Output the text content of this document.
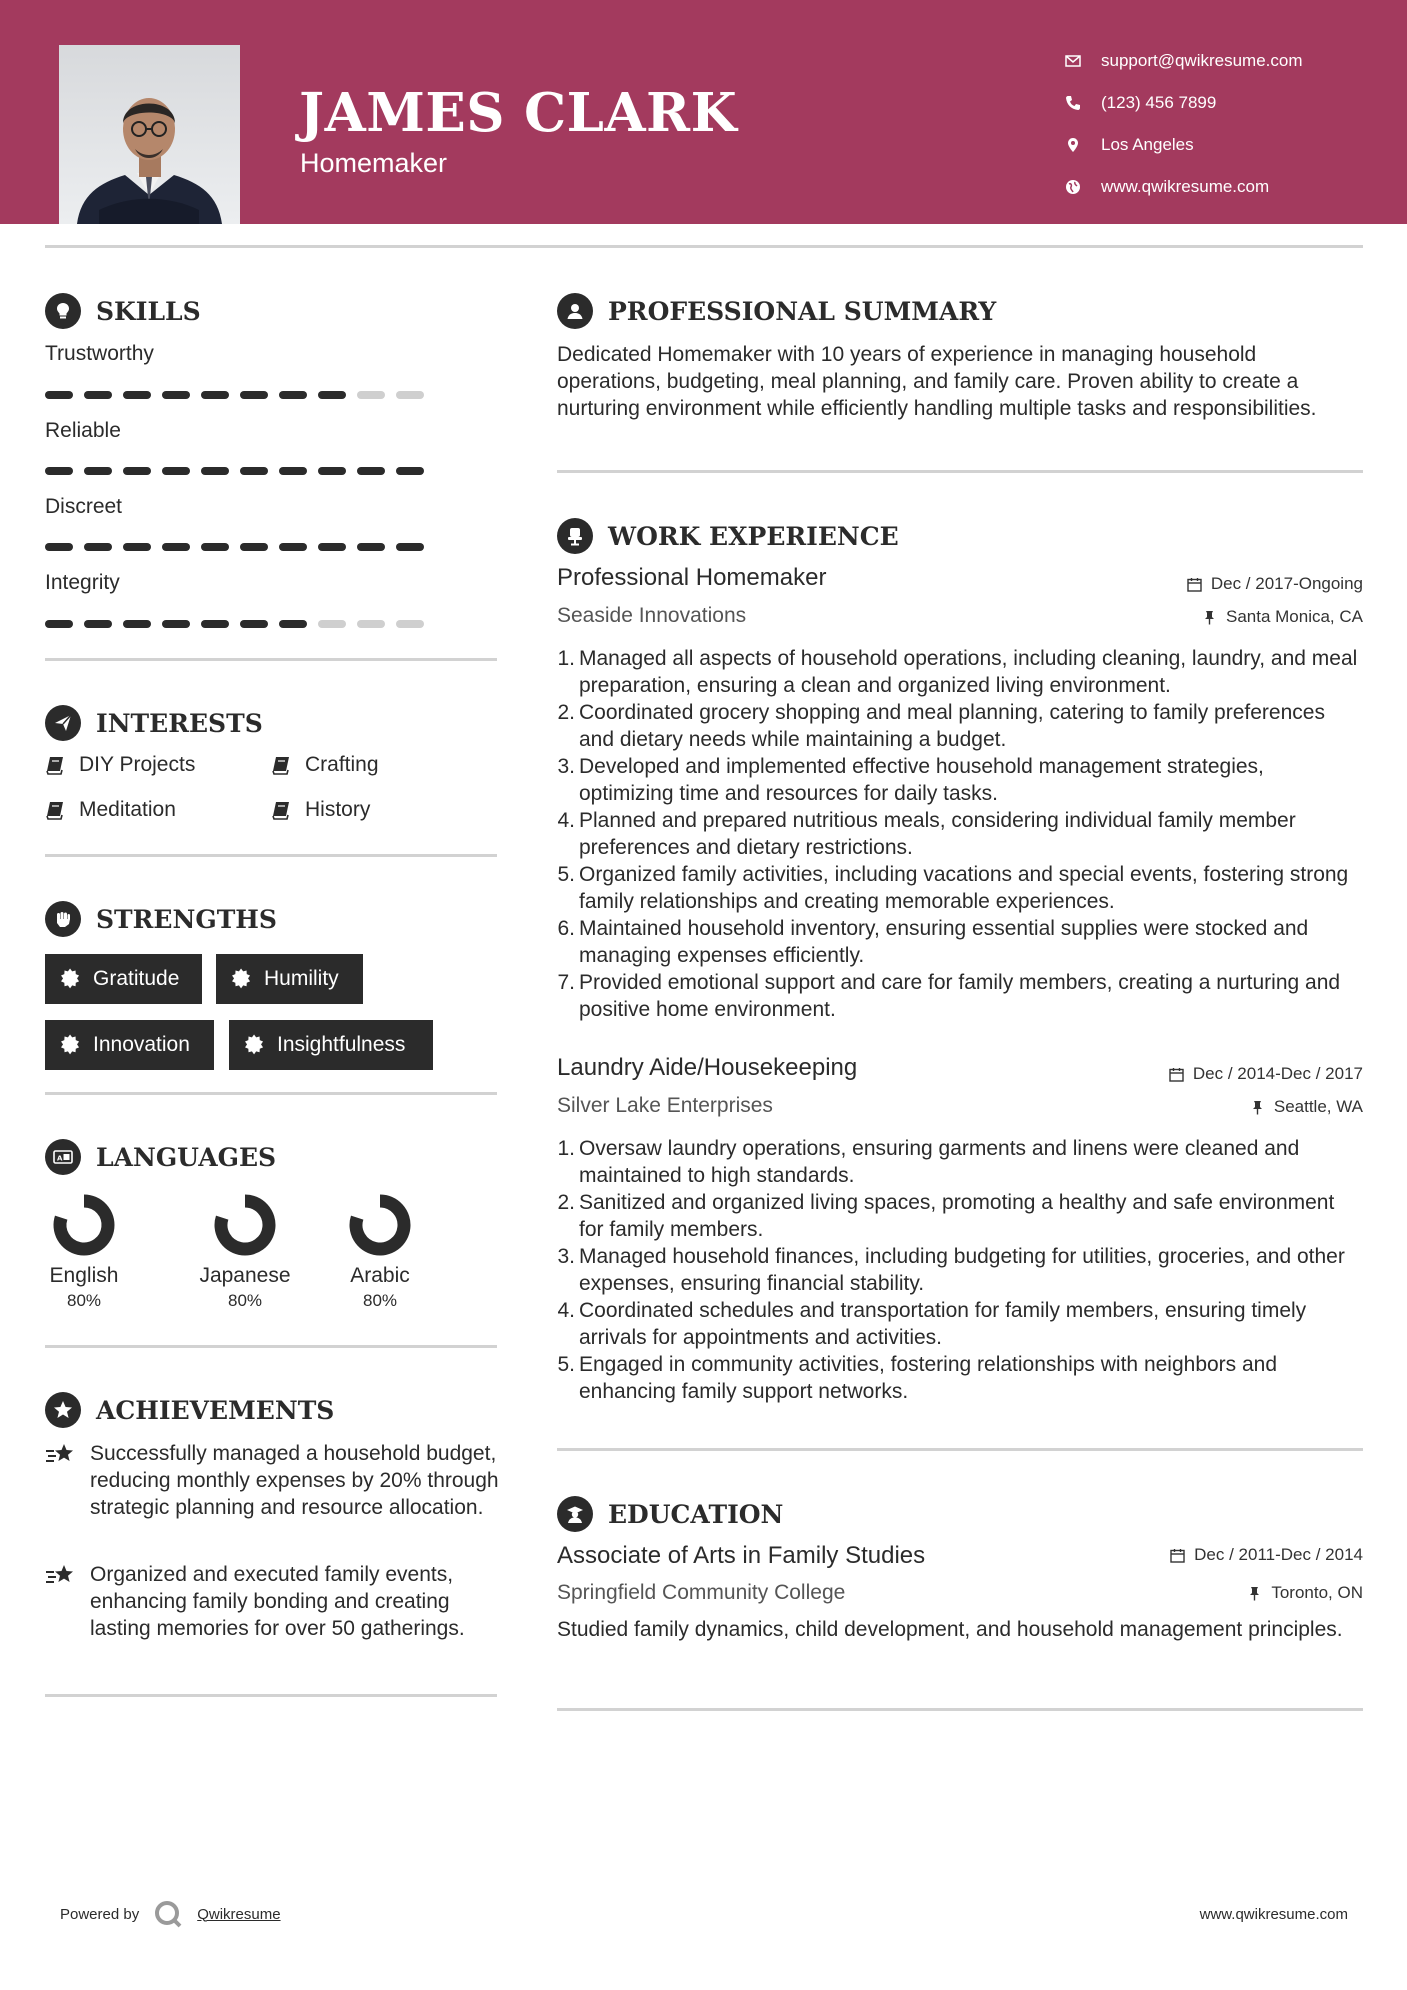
JAMES CLARK
Homemaker
support@qwikresume.com
(123) 456 7899
Los Angeles
www.qwikresume.com
SKILLS
Trustworthy
Reliable
Discreet
Integrity
INTERESTS
DIY Projects	Crafting
Meditation	History
STRENGTHS
Gratitude	Humility
Innovation	Insightfulness
A LANGUAGES
English
80%
Japanese
80%
Arabic
80%
ACHIEVEMENTS
Successfully managed a household budget, reducing monthly expenses by 20% through strategic planning and resource allocation.
Organized and executed family events, enhancing family bonding and creating lasting memories for over 50 gatherings.
PROFESSIONAL SUMMARY
Dedicated Homemaker with 10 years of experience in managing household operations, budgeting, meal planning, and family care. Proven ability to create a nurturing environment while efficiently handling multiple tasks and responsibilities.
WORK EXPERIENCE
Professional Homemaker	Dec / 2017-Ongoing
Seaside Innovations	Santa Monica, CA
1. Managed all aspects of household operations, including cleaning, laundry, and meal preparation, ensuring a clean and organized living environment.
2. Coordinated grocery shopping and meal planning, catering to family preferences and dietary needs while maintaining a budget.
3. Developed and implemented effective household management strategies, optimizing time and resources for daily tasks.
4. Planned and prepared nutritious meals, considering individual family member preferences and dietary restrictions.
5. Organized family activities, including vacations and special events, fostering strong family relationships and creating memorable experiences.
6. Maintained household inventory, ensuring essential supplies were stocked and managing expenses efficiently.
7. Provided emotional support and care for family members, creating a nurturing and positive home environment.
Laundry Aide/Housekeeping	Dec / 2014-Dec / 2017
Silver Lake Enterprises	Seattle, WA
1. Oversaw laundry operations, ensuring garments and linens were cleaned and maintained to high standards.
2. Sanitized and organized living spaces, promoting a healthy and safe environment for family members.
3. Managed household finances, including budgeting for utilities, groceries, and other expenses, ensuring financial stability.
4. Coordinated schedules and transportation for family members, ensuring timely arrivals for appointments and activities.
5. Engaged in community activities, fostering relationships with neighbors and enhancing family support networks.
EDUCATION
Associate of Arts in Family Studies	Dec / 2011-Dec / 2014
Springfield Community College	Toronto, ON
Studied family dynamics, child development, and household management principles.
Powered by	Qwikresume	www.qwikresume.com
